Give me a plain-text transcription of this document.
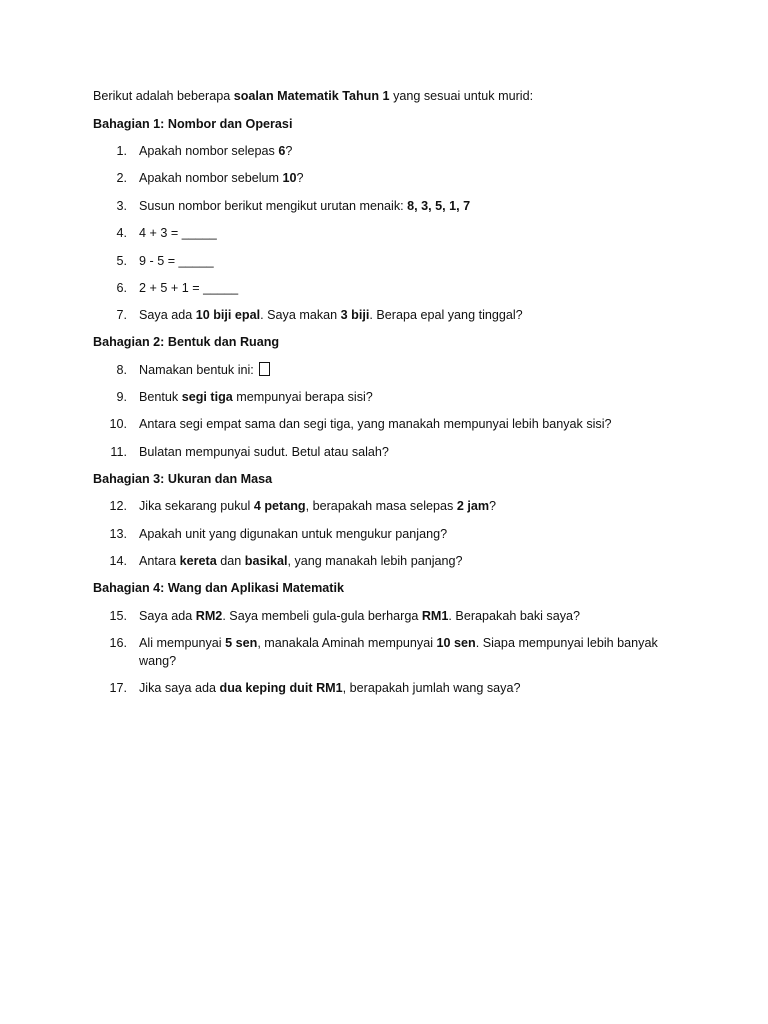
Berikut adalah beberapa soalan Matematik Tahun 1 yang sesuai untuk murid:
Bahagian 1: Nombor dan Operasi
1. Apakah nombor selepas 6?
2. Apakah nombor sebelum 10?
3. Susun nombor berikut mengikut urutan menaik: 8, 3, 5, 1, 7
4. 4 + 3 = _____
5. 9 - 5 = _____
6. 2 + 5 + 1 = _____
7. Saya ada 10 biji epal. Saya makan 3 biji. Berapa epal yang tinggal?
Bahagian 2: Bentuk dan Ruang
8. Namakan bentuk ini:
9. Bentuk segi tiga mempunyai berapa sisi?
10. Antara segi empat sama dan segi tiga, yang manakah mempunyai lebih banyak sisi?
11. Bulatan mempunyai sudut. Betul atau salah?
Bahagian 3: Ukuran dan Masa
12. Jika sekarang pukul 4 petang, berapakah masa selepas 2 jam?
13. Apakah unit yang digunakan untuk mengukur panjang?
14. Antara kereta dan basikal, yang manakah lebih panjang?
Bahagian 4: Wang dan Aplikasi Matematik
15. Saya ada RM2. Saya membeli gula-gula berharga RM1. Berapakah baki saya?
16. Ali mempunyai 5 sen, manakala Aminah mempunyai 10 sen. Siapa mempunyai lebih banyak wang?
17. Jika saya ada dua keping duit RM1, berapakah jumlah wang saya?
